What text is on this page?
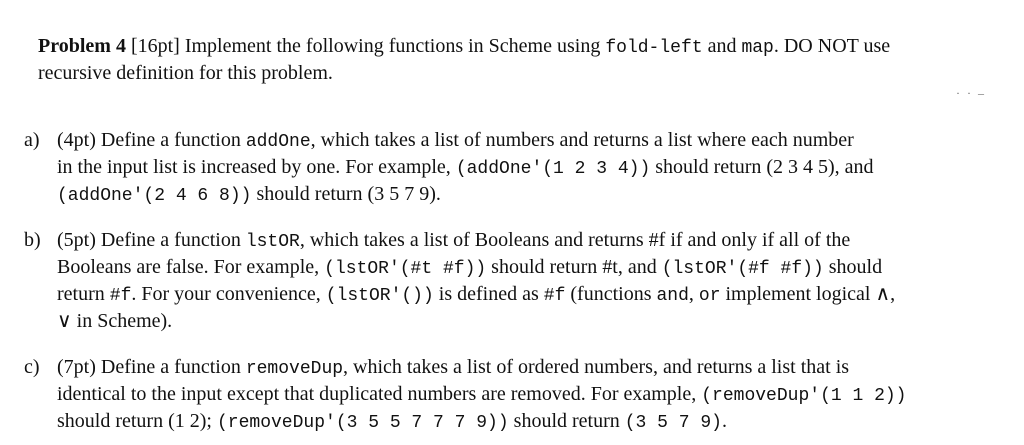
Problem 4 [16pt] Implement the following functions in Scheme using fold-left and map. DO NOT use
recursive definition for this problem.
· · –
a) (4pt) Define a function addOne, which takes a list of numbers and returns a list where each number
in the input list is increased by one. For example, (addOne'(1 2 3 4)) should return (2 3 4 5), and
(addOne'(2 4 6 8)) should return (3 5 7 9).
b) (5pt) Define a function lstOR, which takes a list of Booleans and returns #f if and only if all of the
Booleans are false. For example, (lstOR'(#t #f)) should return #t, and (lstOR'(#f #f)) should
return #f. For your convenience, (lstOR'()) is defined as #f (functions and, or implement logical ∧,
∨ in Scheme).
c) (7pt) Define a function removeDup, which takes a list of ordered numbers, and returns a list that is
identical to the input except that duplicated numbers are removed. For example, (removeDup'(1 1 2))
should return (1 2); (removeDup'(3 5 5 7 7 7 9)) should return (3 5 7 9).
